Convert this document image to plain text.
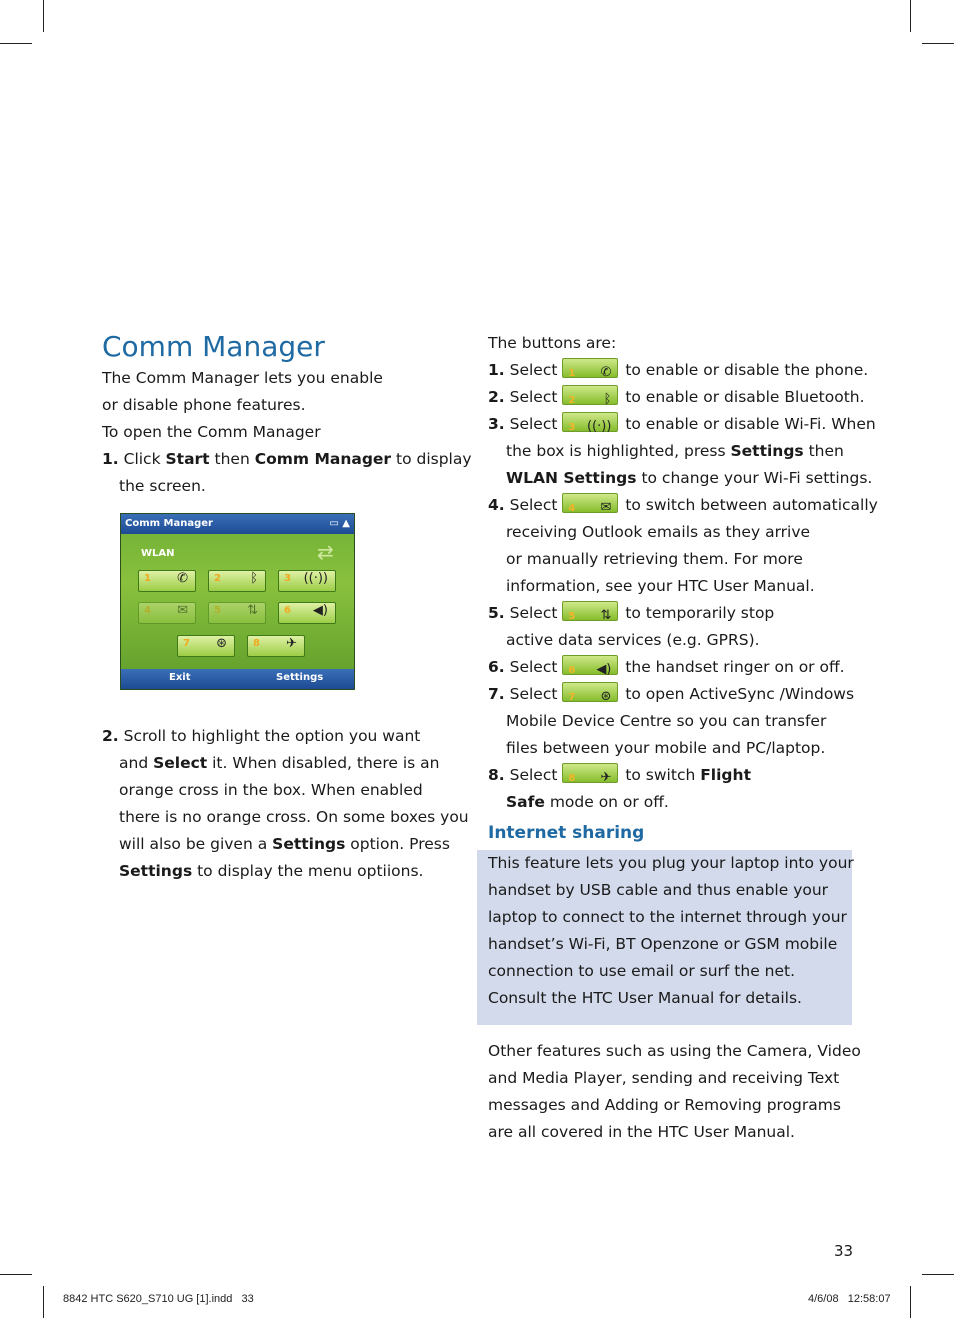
Comm Manager
The Comm Manager lets you enable
or disable phone features.
To open the Comm Manager
1. Click Start then Comm Manager to display
the screen.
Comm Manager	▭ ▲
WLAN	⇄
1 ✆	2 ᛒ	3 ((·))
4 ✉	5 ⇅	6 ◀)
7 ⊛	8 ✈
Exit	Settings
2. Scroll to highlight the option you want
and Select it. When disabled, there is an
orange cross in the box. When enabled
there is no orange cross. On some boxes you
will also be given a Settings option. Press
Settings to display the menu optiions.
The buttons are:
1. Select 1 ✆ to enable or disable the phone.
2. Select 2 ᛒ to enable or disable Bluetooth.
3. Select 3 ((·)) to enable or disable Wi-Fi. When
the box is highlighted, press Settings then
WLAN Settings to change your Wi-Fi settings.
4. Select 4 ✉ to switch between automatically
receiving Outlook emails as they arrive
or manually retrieving them. For more
information, see your HTC User Manual.
5. Select 5 ⇅ to temporarily stop
active data services (e.g. GPRS).
6. Select 6 ◀) the handset ringer on or off.
7. Select 7 ⊛ to open ActiveSync /Windows
Mobile Device Centre so you can transfer
files between your mobile and PC/laptop.
8. Select 8 ✈ to switch Flight
Safe mode on or off.
Internet sharing
This feature lets you plug your laptop into your
handset by USB cable and thus enable your
laptop to connect to the internet through your
handset’s Wi-Fi, BT Openzone or GSM mobile
connection to use email or surf the net.
Consult the HTC User Manual for details.
Other features such as using the Camera, Video
and Media Player, sending and receiving Text
messages and Adding or Removing programs
are all covered in the HTC User Manual.
33
8842 HTC S620_S710 UG [1].indd   33	4/6/08   12:58:07
